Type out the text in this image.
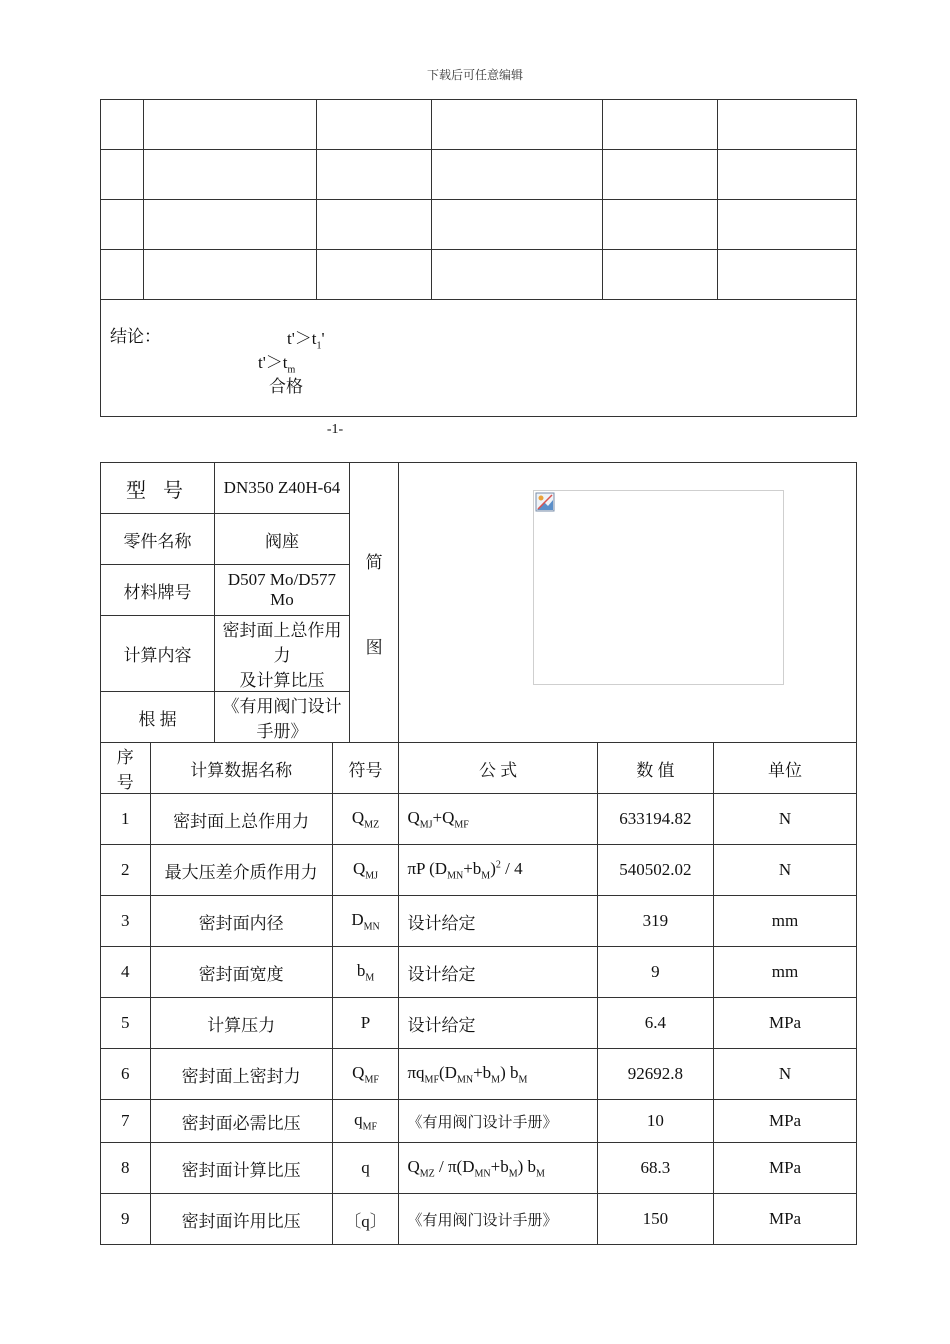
下载后可任意编辑

结论： $t'>t_1'$
$t'>t_m$
合格					
-1-
型 号		DN350 Z40H-64		简

图			
零件名称		阀座					
材料牌号		D507 Mo/D577 Mo					
计算内容		密封面上总作用力
及计算比压					
根 据		《有用阀门设计手册》					
序
号	计算数据名称		符号		公 式	数 值	单位
1	密封面上总作用力		$Q_{MZ}$		$Q_{MJ}+Q_{MF}$	633194.82	N
2	最大压差介质作用力		$Q_{MJ}$		πP $(D_{MN}+b_M)^2 / 4$	540502.02	N
3	密封面内径		$D_{MN}$		设计给定	319	mm
4	密封面宽度		$b_M$		设计给定	9	mm
5	计算压力		P		设计给定	6.4	MPa
6	密封面上密封力		$Q_{MF}$		$\pi q_{MF}(D_{MN}+b_M)$ $b_M$	92692.8	N
7	密封面必需比压		$q_{MF}$		《有用阀门设计手册》	10	MPa
8	密封面计算比压		q		$Q_{MZ} / \pi(D_{MN}+b_M)$ $b_M$	68.3	MPa
9	密封面许用比压		〔q〕		《有用阀门设计手册》	150	MPa
